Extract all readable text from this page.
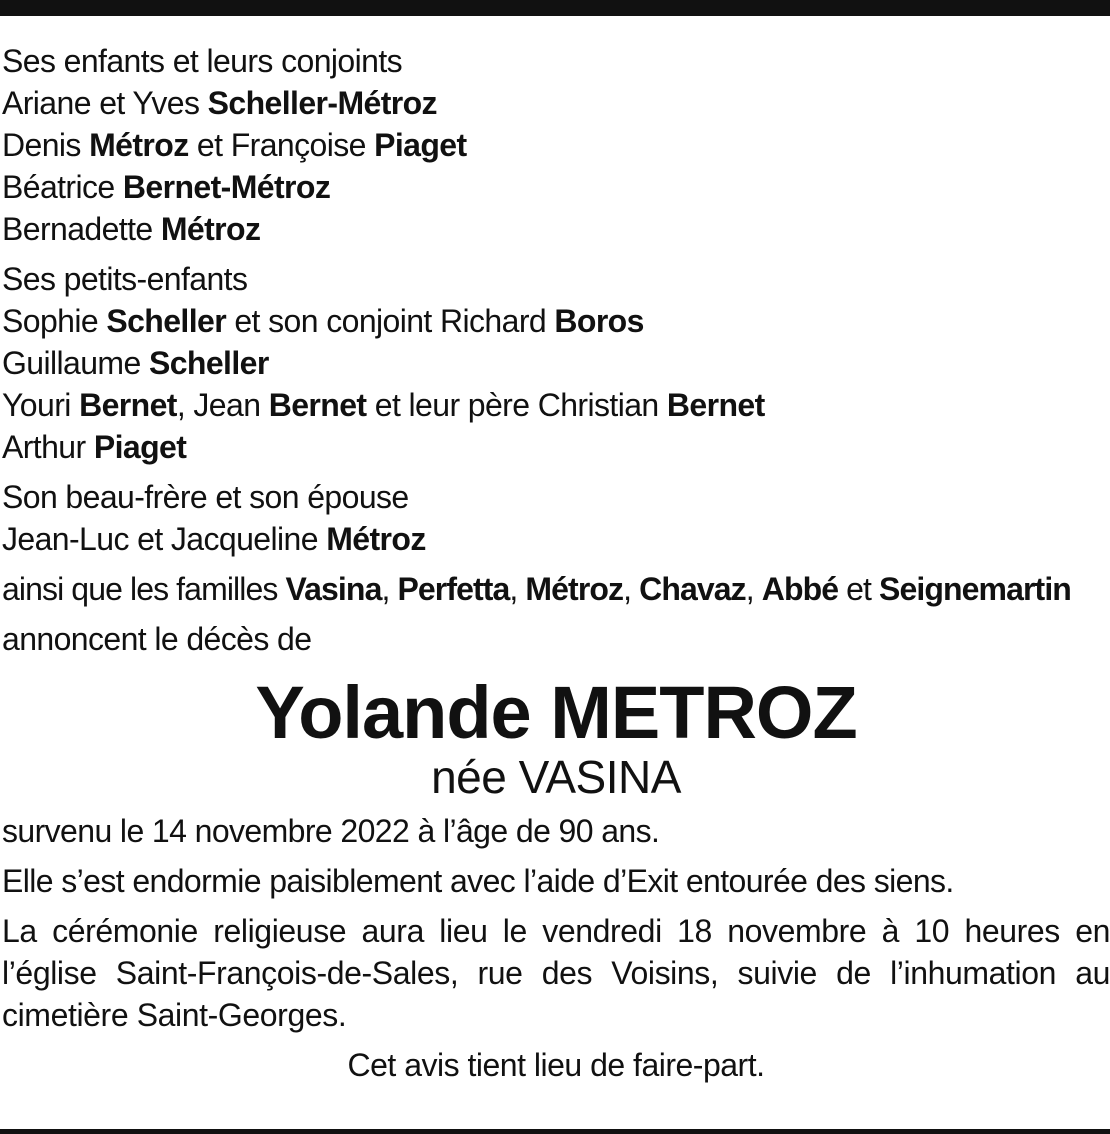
Ses enfants et leurs conjoints
Ariane et Yves Scheller-Métroz
Denis Métroz et Françoise Piaget
Béatrice Bernet-Métroz
Bernadette Métroz
Ses petits-enfants
Sophie Scheller et son conjoint Richard Boros
Guillaume Scheller
Youri Bernet, Jean Bernet et leur père Christian Bernet
Arthur Piaget
Son beau-frère et son épouse
Jean-Luc et Jacqueline Métroz
ainsi que les familles Vasina, Perfetta, Métroz, Chavaz, Abbé et Seignemartin
annoncent le décès de
Yolande METROZ
née VASINA
survenu le 14 novembre 2022 à l’âge de 90 ans.
Elle s’est endormie paisiblement avec l’aide d’Exit entourée des siens.
La cérémonie religieuse aura lieu le vendredi 18 novembre à 10 heures en l’église Saint-François-de-Sales, rue des Voisins, suivie de l’inhumation au cimetière Saint-Georges.
Cet avis tient lieu de faire-part.
